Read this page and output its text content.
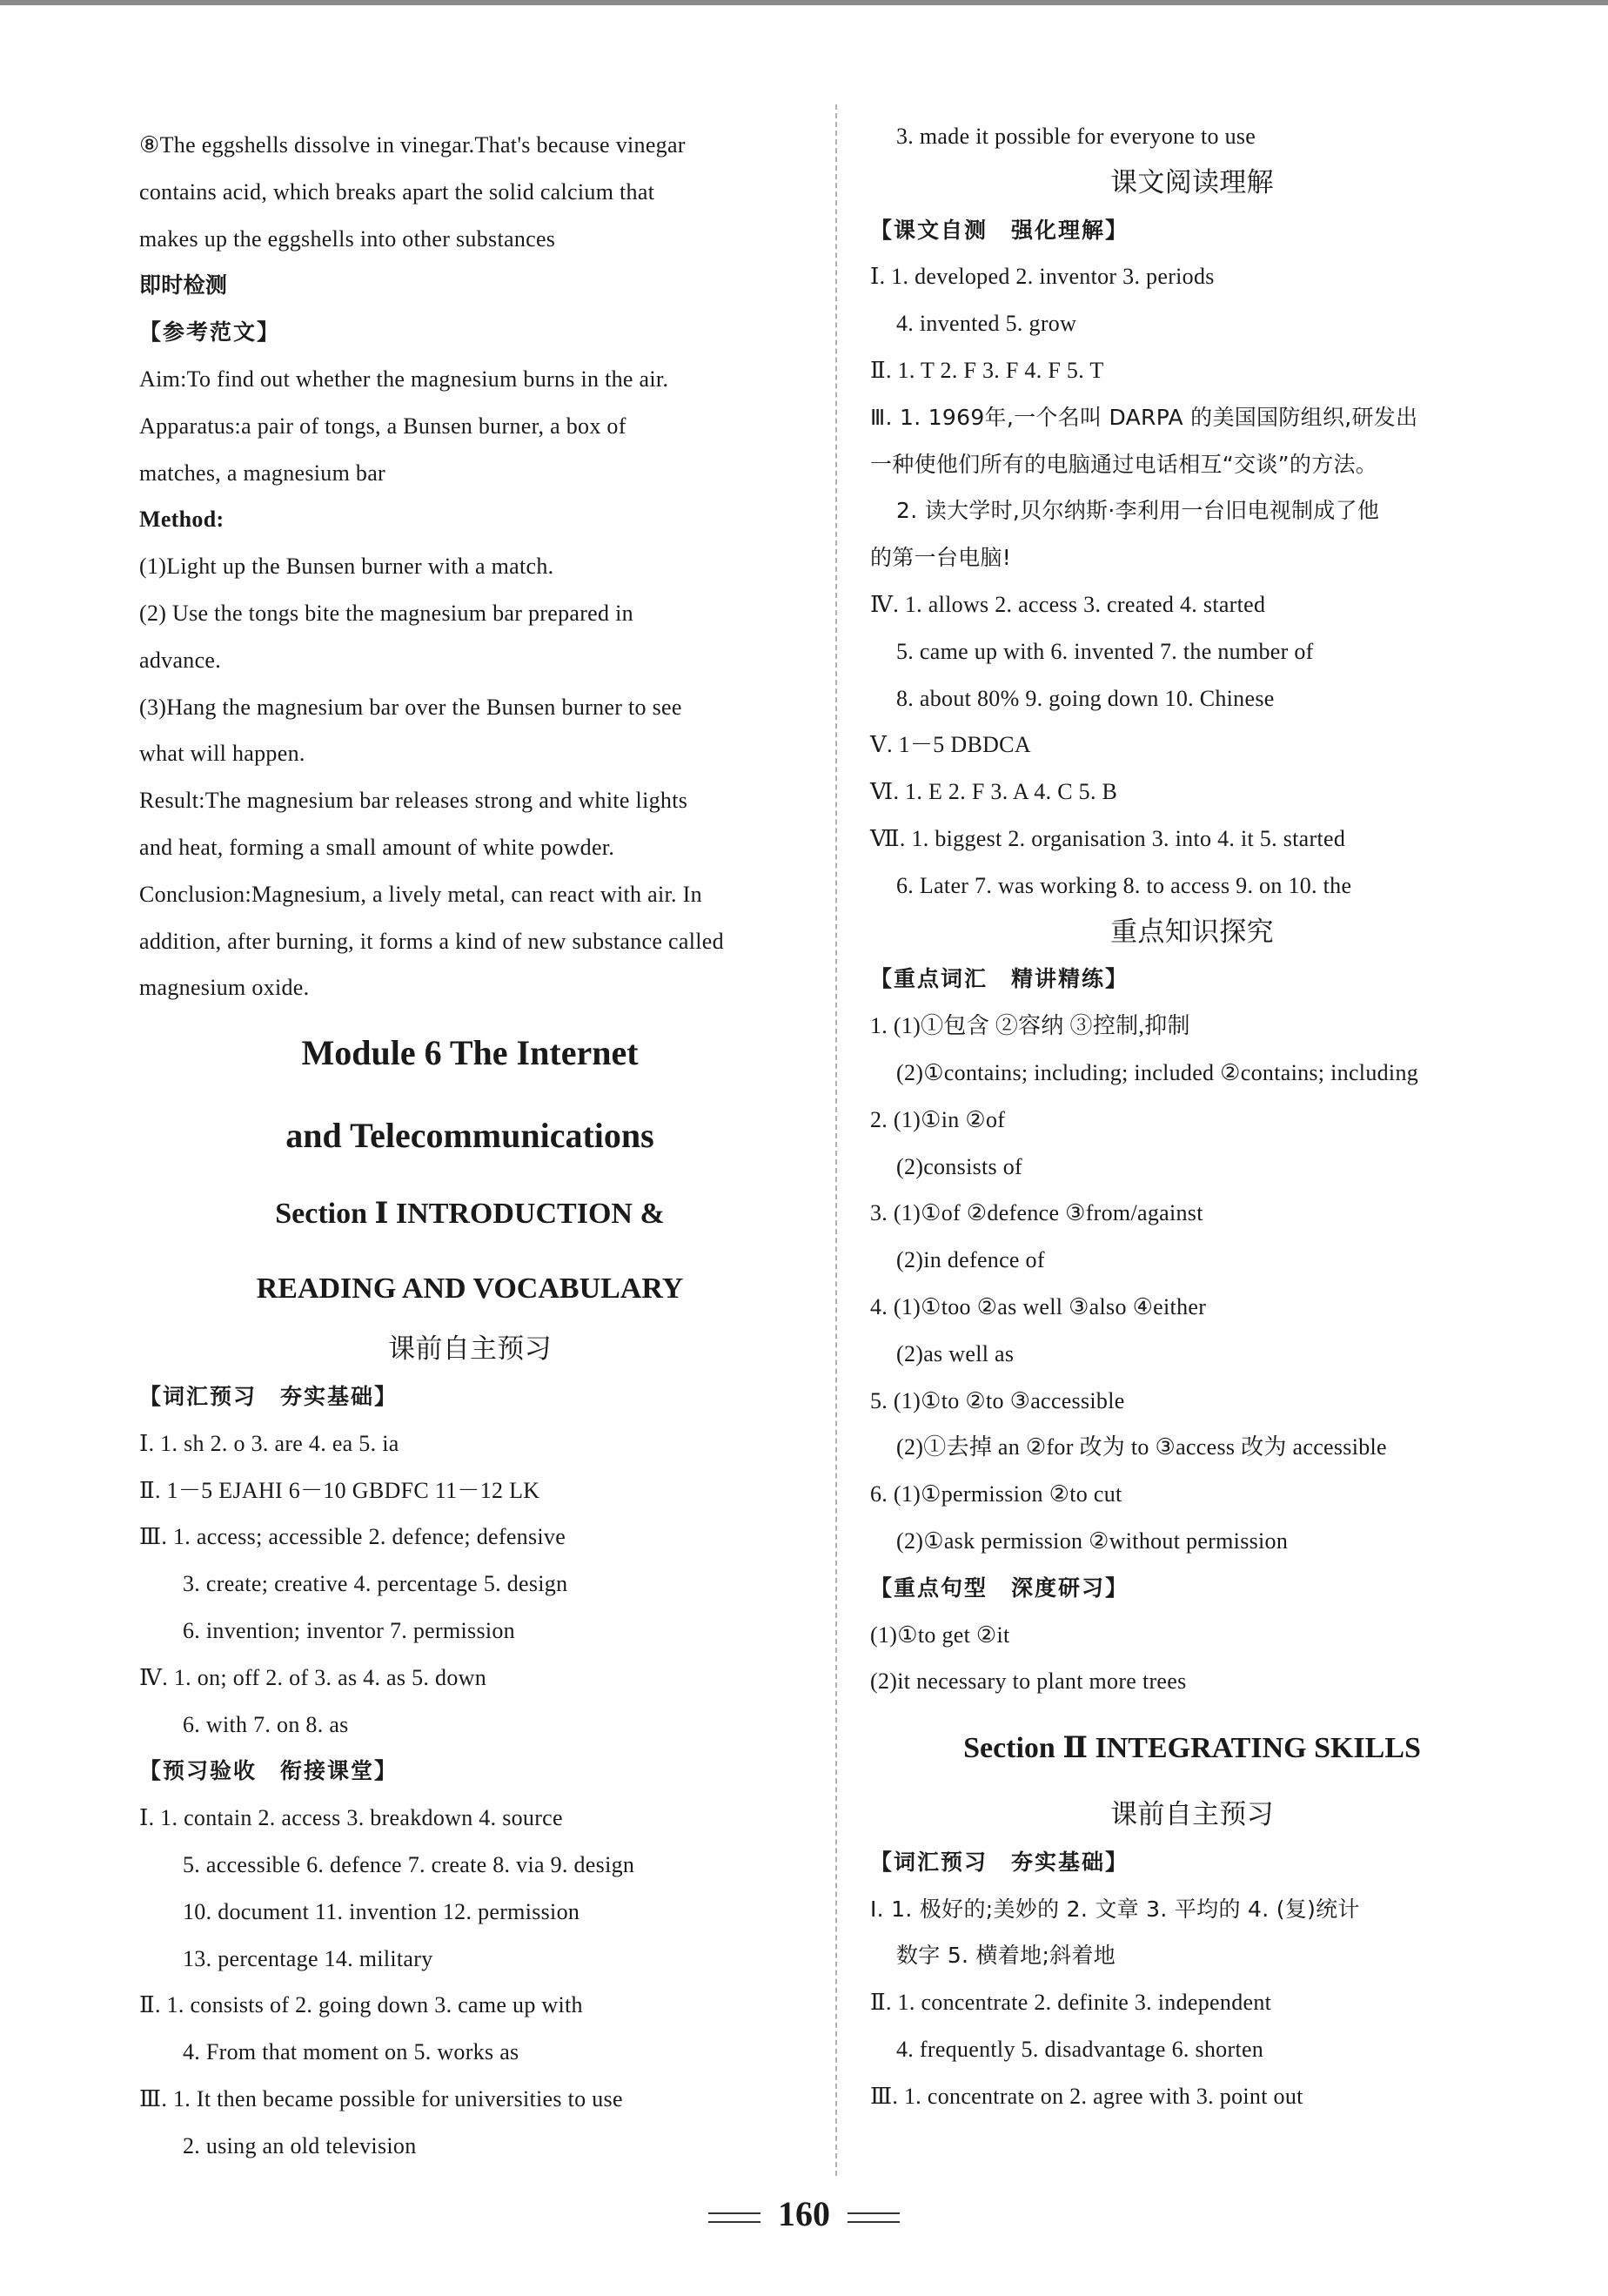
⑧The eggshells dissolve in vinegar.That's because vinegar
contains acid, which breaks apart the solid calcium that
makes up the eggshells into other substances
即时检测
【参考范文】
Aim:To find out whether the magnesium burns in the air.
Apparatus:a pair of tongs, a Bunsen burner, a box of
matches, a magnesium bar
Method:
(1)Light up the Bunsen burner with a match.
(2) Use the tongs bite the magnesium bar prepared in
advance.
(3)Hang the magnesium bar over the Bunsen burner to see
what will happen.
Result:The magnesium bar releases strong and white lights
and heat, forming a small amount of white powder.
Conclusion:Magnesium, a lively metal, can react with air. In
addition, after burning, it forms a kind of new substance called
magnesium oxide.
Module 6 The Internet
and Telecommunications
Section Ⅰ INTRODUCTION &
READING AND VOCABULARY
课前自主预习
【词汇预习　夯实基础】
Ⅰ. 1. sh 2. o 3. are 4. ea 5. ia
Ⅱ. 1－5 EJAHI 6－10 GBDFC 11－12 LK
Ⅲ. 1. access; accessible 2. defence; defensive
3. create; creative 4. percentage 5. design
6. invention; inventor 7. permission
Ⅳ. 1. on; off 2. of 3. as 4. as 5. down
6. with 7. on 8. as
【预习验收　衔接课堂】
Ⅰ. 1. contain 2. access 3. breakdown 4. source
5. accessible 6. defence 7. create 8. via 9. design
10. document 11. invention 12. permission
13. percentage 14. military
Ⅱ. 1. consists of 2. going down 3. came up with
4. From that moment on 5. works as
Ⅲ. 1. It then became possible for universities to use
2. using an old television
3. made it possible for everyone to use
课文阅读理解
【课文自测　强化理解】
Ⅰ. 1. developed 2. inventor 3. periods
4. invented 5. grow
Ⅱ. 1. T 2. F 3. F 4. F 5. T
Ⅲ. 1. 1969年,一个名叫 DARPA 的美国国防组织,研发出
一种使他们所有的电脑通过电话相互“交谈”的方法。
2. 读大学时,贝尔纳斯·李利用一台旧电视制成了他
的第一台电脑!
Ⅳ. 1. allows 2. access 3. created 4. started
5. came up with 6. invented 7. the number of
8. about 80% 9. going down 10. Chinese
Ⅴ. 1－5 DBDCA
Ⅵ. 1. E 2. F 3. A 4. C 5. B
Ⅶ. 1. biggest 2. organisation 3. into 4. it 5. started
6. Later 7. was working 8. to access 9. on 10. the
重点知识探究
【重点词汇　精讲精练】
1. (1)①包含 ②容纳 ③控制,抑制
(2)①contains; including; included ②contains; including
2. (1)①in ②of
(2)consists of
3. (1)①of ②defence ③from/against
(2)in defence of
4. (1)①too ②as well ③also ④either
(2)as well as
5. (1)①to ②to ③accessible
(2)①去掉 an ②for 改为 to ③access 改为 accessible
6. (1)①permission ②to cut
(2)①ask permission ②without permission
【重点句型　深度研习】
(1)①to get ②it
(2)it necessary to plant more trees
Section Ⅱ INTEGRATING SKILLS
课前自主预习
【词汇预习　夯实基础】
Ⅰ. 1. 极好的;美妙的 2. 文章 3. 平均的 4. (复)统计
数字 5. 横着地;斜着地
Ⅱ. 1. concentrate 2. definite 3. independent
4. frequently 5. disadvantage 6. shorten
Ⅲ. 1. concentrate on 2. agree with 3. point out
160
